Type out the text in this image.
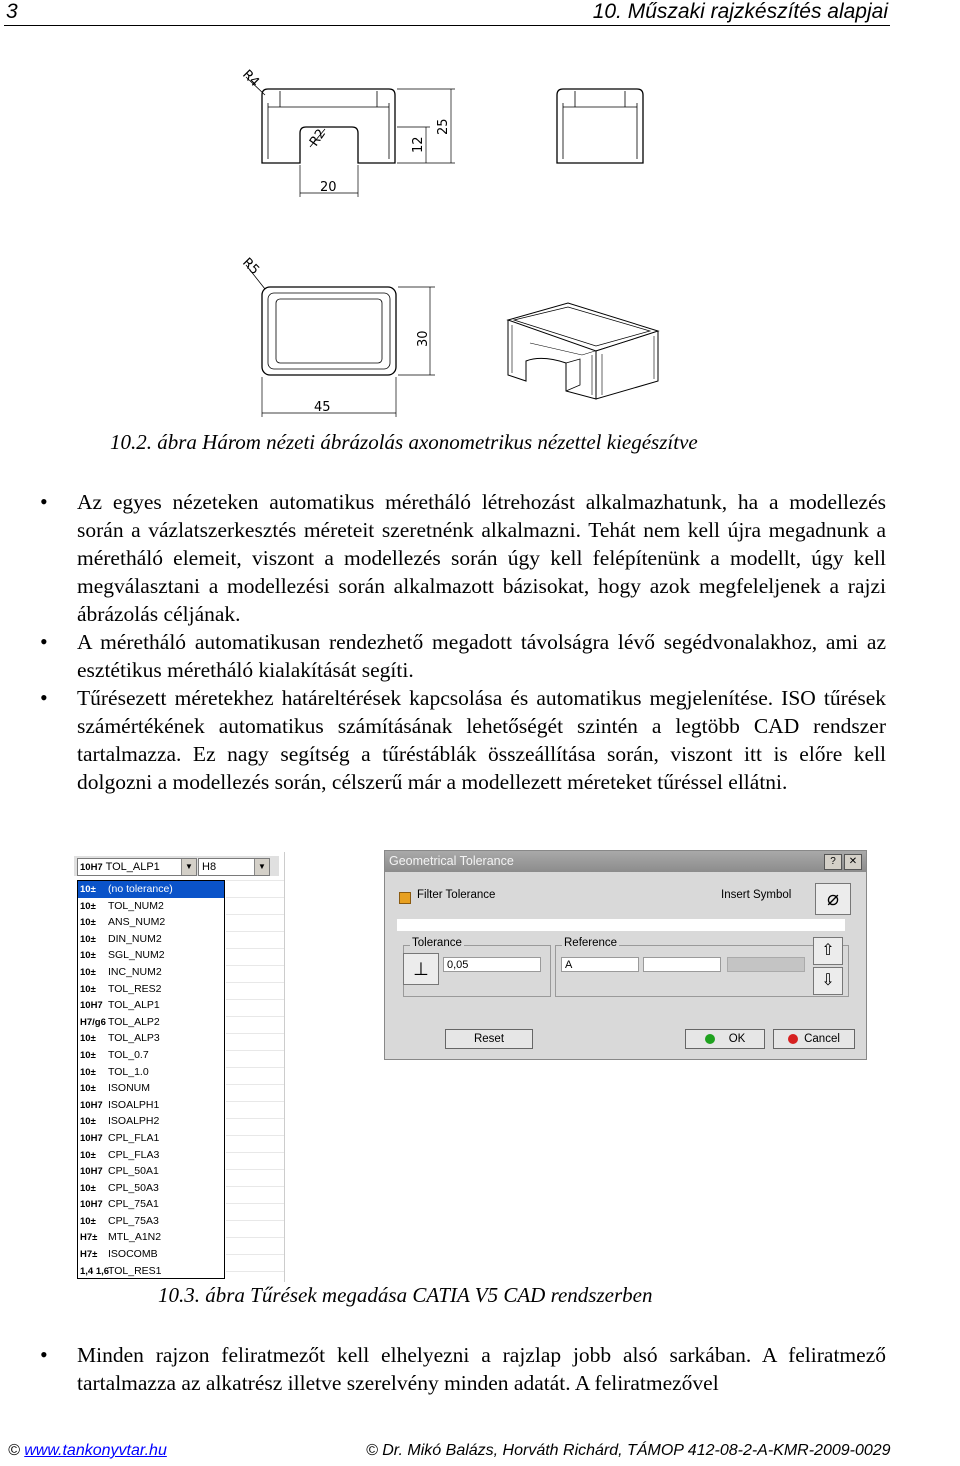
3	10. Műszaki rajzkészítés alapjai
R4
R2
20
12
25
R5
30
45
10.2. ábra Három nézeti ábrázolás axonometrikus nézettel kiegészítve
• Az egyes nézeteken automatikus méretháló létrehozást alkalmazhatunk, ha a modellezés során a vázlatszerkesztés méreteit szeretnénk alkalmazni. Tehát nem kell újra megadnunk a méretháló elemeit, viszont a modellezés során úgy kell felépítenünk a modellt, úgy kell megválasztani a modellezési során alkalmazott bázisokat, hogy azok megfeleljenek a rajzi ábrázolás céljának.
• A méretháló automatikusan rendezhető megadott távolságra lévő segédvonalakhoz, ami az esztétikus méretháló kialakítását segíti.
• Tűrésezett méretekhez határeltérések kapcsolása és automatikus megjelenítése. ISO tűrések számértékének automatikus számításának lehetőségét szintén a legtöbb CAD rendszer tartalmazza. Ez nagy segítség a tűréstáblák összeállítása során, viszont itt is előre kell dolgozni a modellezés során, célszerű már a modellezett méreteket tűréssel ellátni.
10H7 TOL_ALP1	▼ H8	▼
10± (no tolerance)
10± TOL_NUM2
10± ANS_NUM2
10± DIN_NUM2
10± SGL_NUM2
10± INC_NUM2
10± TOL_RES2
10H7 TOL_ALP1
H7/g6 TOL_ALP2
10± TOL_ALP3
10± TOL_0.7
10± TOL_1.0
10± ISONUM
10H7 ISOALPH1
10± ISOALPH2
10H7 CPL_FLA1
10± CPL_FLA3
10H7 CPL_50A1
10± CPL_50A3
10H7 CPL_75A1
10± CPL_75A3
H7± MTL_A1N2
H7± ISOCOMB
1,4 1,6TOL_RES1
Geometrical Tolerance	?	✕
Filter Tolerance	Insert Symbol	⌀
Tolerance
⊥	0,05
Reference
A
⇧
⇩
Reset	OK	Cancel
10.3. ábra Tűrések megadása CATIA V5 CAD rendszerben
• Minden rajzon feliratmezőt kell elhelyezni a rajzlap jobb alsó sarkában. A feliratmező tartalmazza az alkatrész illetve szerelvény minden adatát. A feliratmezővel
© www.tankonyvtar.hu	© Dr. Mikó Balázs, Horváth Richárd, TÁMOP 412-08-2-A-KMR-2009-0029
